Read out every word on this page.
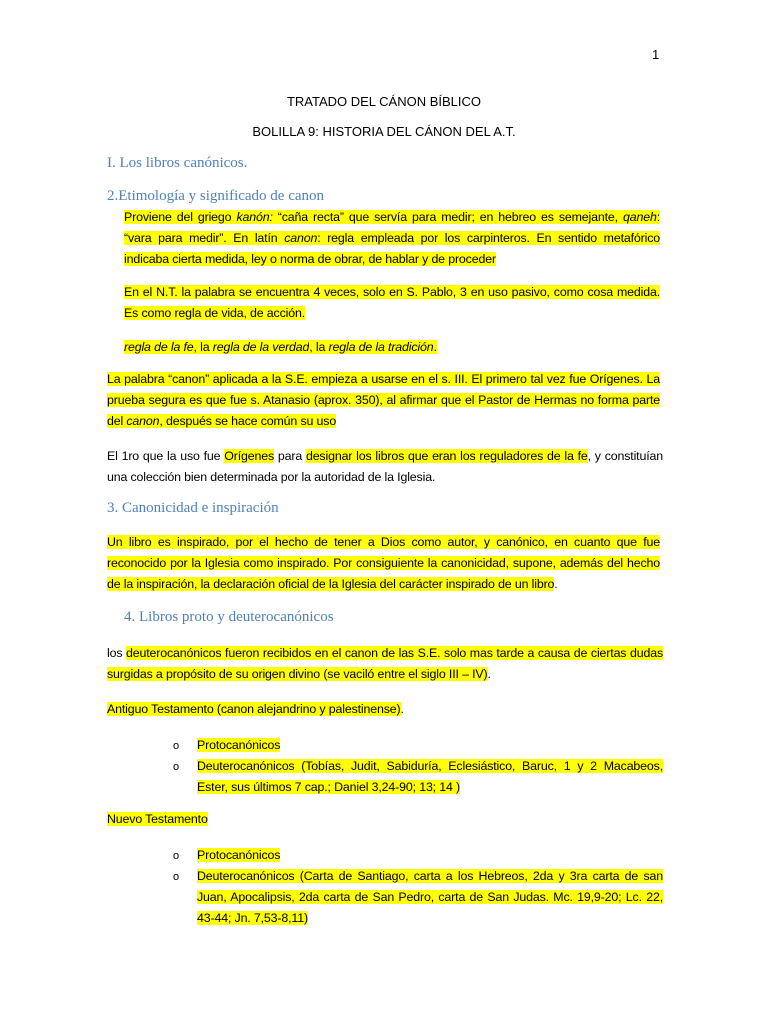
1
TRATADO DEL CÁNON BÍBLICO
BOLILLA 9: HISTORIA DEL CÁNON DEL A.T.
I. Los libros canónicos.
2.Etimología y significado de canon

Proviene del griego kanón: “caña recta” que servía para medir; en hebreo es semejante, qaneh: “vara para medir”. En latín canon: regla empleada por los carpinteros. En sentido metafórico indicaba cierta medida, ley o norma de obrar, de hablar y de proceder

En el N.T. la palabra se encuentra 4 veces, solo en S. Pablo, 3 en uso pasivo, como cosa medida. Es como regla de vida, de acción.

regla de la fe, la regla de la verdad, la regla de la tradición.

La palabra “canon” aplicada a la S.E. empieza a usarse en el s. III. El primero tal vez fue Orígenes. La prueba segura es que fue s. Atanasio (aprox. 350), al afirmar que el Pastor de Hermas no forma parte del canon, después se hace común su uso

El 1ro que la uso fue Orígenes para designar los libros que eran los reguladores de la fe, y constituían una colección bien determinada por la autoridad de la Iglesia.

3. Canonicidad e inspiración

Un libro es inspirado, por el hecho de tener a Dios como autor, y canónico, en cuanto que fue reconocido por la Iglesia como inspirado. Por consiguiente la canonicidad, supone, además del hecho de la inspiración, la declaración oficial de la Iglesia del carácter inspirado de un libro.

4. Libros proto y deuterocanónicos

los deuterocanónicos fueron recibidos en el canon de las S.E. solo mas tarde a causa de ciertas dudas surgidas a propósito de su origen divino (se vaciló entre el siglo III – IV).

Antiguo Testamento (canon alejandrino y palestinense).

o Protocanónicos

o Deuterocanónicos (Tobías, Judit, Sabiduría, Eclesiástico, Baruc, 1 y 2 Macabeos, Ester, sus últimos 7 cap.; Daniel 3,24-90; 13; 14 )

Nuevo Testamento

o Protocanónicos

o Deuterocanónicos (Carta de Santiago, carta a los Hebreos, 2da y 3ra carta de san Juan, Apocalipsis, 2da carta de San Pedro, carta de San Judas. Mc. 19,9-20; Lc. 22, 43-44; Jn. 7,53-8,11)
